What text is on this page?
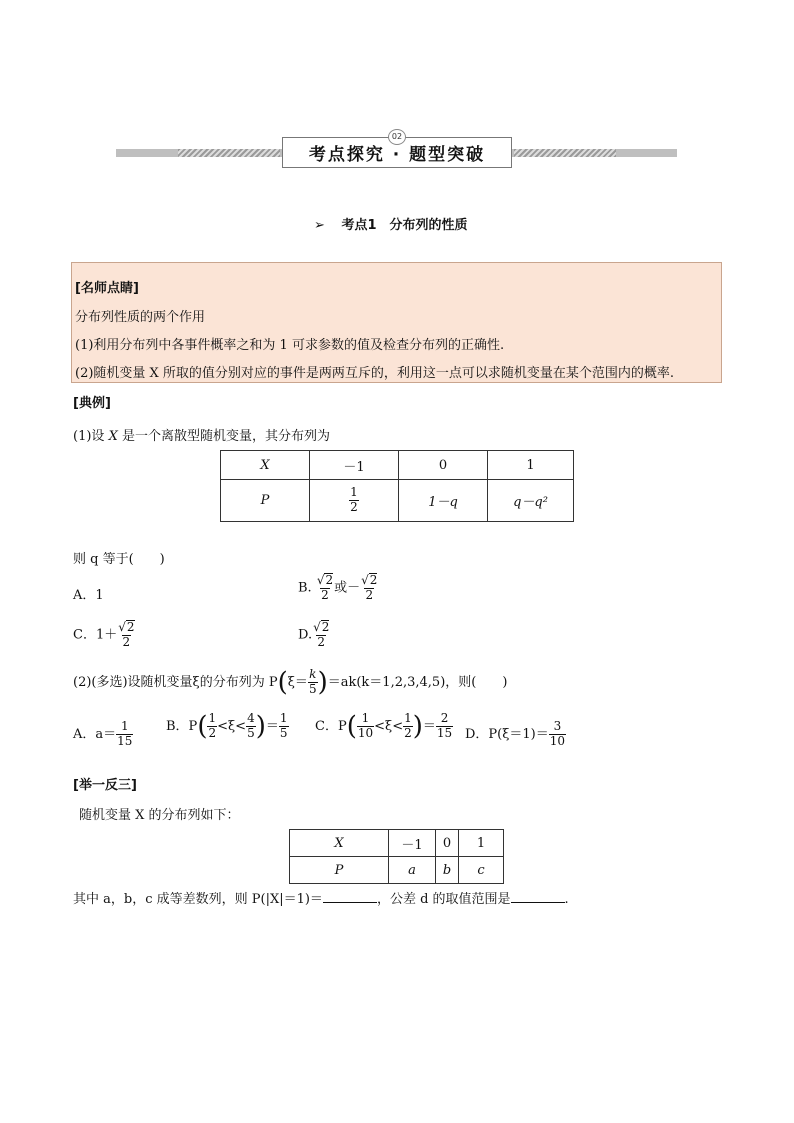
考点探究 · 题型突破
02
➢ 考点1　分布列的性质
[名师点睛]
分布列性质的两个作用
(1)利用分布列中各事件概率之和为 1 可求参数的值及检查分布列的正确性.
(2)随机变量 X 所取的值分别对应的事件是两两互斥的，利用这一点可以求随机变量在某个范围内的概率.
[典例]
(1)设 X 是一个离散型随机变量，其分布列为
X	－1	0	1
P	$\frac{1}{2}$	1－q	q－q²
则 q 等于(　　)
A．1
B. $\frac{√2}{2}$ 或－ $\frac{√2}{2}$
C．$1+ \frac{√2}{2}$	D. $\frac{√2}{2}$
(2)(多选)设随机变量ξ的分布列为 $P(\xi= \frac{k}{5} )=ak(k=1,2,3,4,5)$，则(　　)
A．$a= \frac{1}{15}$	B．$P( \frac{1}{2} <\xi< \frac{4}{5}$ )＝ $\frac{1}{5}$ C．$P( \frac{1}{10} <\xi< \frac{1}{2}$ )＝ $\frac{2}{15}$ D．$P(\xi=1)= \frac{3}{10}$
[举一反三]
随机变量 X 的分布列如下：
X	－1	0	1
P	a	b	c
其中 a，b，c 成等差数列，则 P(|X|＝1)＝	，公差 d 的取值范围是	.
